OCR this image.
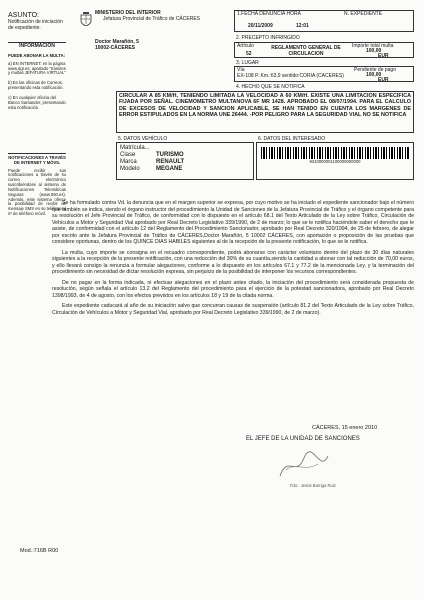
ASUNTO:
Notificación de iniciación de expediente.
INFORMACIÓN
PUEDE ABONAR LA MULTA:
a) EN INTERNET: en la página www.dgt.es, apartado "trámites y multas JEFATURA VIRTUAL"
b) En las oficinas de Correos, presentando esta notificación.
c) En cualquier oficina del Banco Santander, presentando esta notificación.
NOTIFICACIONES A TRAVÉS DE INTERNET Y MÓVIL
Puede recibir sus notificaciones a través de su correo electrónico suscribiéndose al sistema de Notificaciones Telemáticas Seguras (www.060.es). Además, este sistema ofrece la posibilidad de recibir un mensaje SMS en su teléfono al nº de teléfono móvil.
MINISTERIO DEL INTERIOR
Jefatura Provincial de Tráfico de CÁCERES
Doctor Marañón, 5
10002-CÁCERES
1.FECHA DENUNCIA HORA	N. EXPEDIENTE
20/11/2009	12:01
2. PRECEPTO INFRINGIDO
Artículo
52
REGLAMENTO GENERAL DE CIRCULACION
Importe total multa
100,00
EUR
3. LUGAR
Vía
EX-108 P. Km.:63,9 sentido:CORIA (CACERES)
Pendiente de pago
100,00
EUR
4. HECHO QUE SE NOTIFICA
CIRCULAR A 85 KM/H, TENIENDO LIMITADA LA VELOCIDAD A 60 KM/H. EXISTE UNA LIMITACION ESPECIFICA FIJADA POR SEÑAL. CINEMOMETRO MULTANOVA 6F MR 1428. APROBADO EL 08/07/1994. PARA EL CALCULO DE EXCESOS DE VELOCIDAD Y SANCION APLICABLE, SE HAN TENIDO EN CUENTA LOS MARGENES DE ERROR ESTIPULADOS EN LA NORMA UNE 26444. -POR PELIGRO PARA LA SEGURIDAD VIAL NO SE NOTIFICA
5. DATOS VEHÍCULO	6. DATOS DEL INTERESADO
Matrícula...
Clase	TURISMO
Marca	RENAULT
Modelo	MEGANE
9310000001100000000000

Se ha formulado contra Vd. la denuncia que en el margen superior se expresa, por cuyo motivo se ha iniciado el expediente sancionador bajo el número que también se indica, siendo el órgano instructor del procedimiento la Unidad de Sanciones de la Jefatura Provincial de Tráfico y el órgano competente para su resolución el Jefe Provincial de Tráfico, de conformidad con lo dispuesto en el artículo 68.1 del Texto Articulado de la Ley sobre Tráfico, Circulación de Vehículos a Motor y Seguridad Vial aprobado por Real Decreto Legislativo 339/1990, de 2 de marzo; lo que se le notifica haciéndole saber el derecho que le asiste, de conformidad con el artículo 12 del Reglamento del Procedimiento Sancionador, aprobado por Real Decreto 320/1994, de 25 de febrero, de alegar por escrito ante la Jefatura Provincial de Tráfico de CÁCERES,Doctor Marañón, 5 10002 CÁCERES, con aportación o proposición de las pruebas que considere oportunas, dentro de los QUINCE DIAS HABILES siguientes al de la recepción de la presente notificación, lo que se le notifica.

La multa, cuyo importe se consigna en el recuadro correspondiente, podrá abonarse con carácter voluntario dentro del plazo de 30 días naturales siguientes a la recepción de la presente notificación, con una reducción del 30% de su cuantía,siendo la cantidad a abonar con tal reducción de 70,00 euros, y ello llevará consigo la renuncia a formular alegaciones, conforme a lo dispuesto en los artículos 67.1 y 77.2 de la mencionada Ley, y la terminación del procedimiento sin necesidad de dictar resolución expresa, sin perjuicio de la posibilidad de interponer los recursos correspondientes.

De no pagar en la forma indicada, ni efectuar alegaciones en el plazo antes citado, la iniciación del procedimiento será considerada propuesta de resolución, según señala el artículo 13.2 del Reglamento del procedimiento para el ejercicio de la potestad sancionadora, aprobado por Real Decreto 1398/1993, de 4 de agosto, con los efectos previstos en los artículos 18 y 19 de la citada norma.

Este expediente caducará al año de su iniciación salvo que concurran causas de suspensión (artículo 81.2 del Texto Articulado de la Ley sobre Tráfico, Circulación de Vehículos a Motor y Seguridad Vial, aprobado por Real Decreto Legislativo 339/1990, de 2 de marzo).

CÁCERES, 15 enero 2010
EL JEFE DE LA UNIDAD DE SANCIONES
Fdo.: Jesús Barriga Ruiz
Mod.:716B R00
